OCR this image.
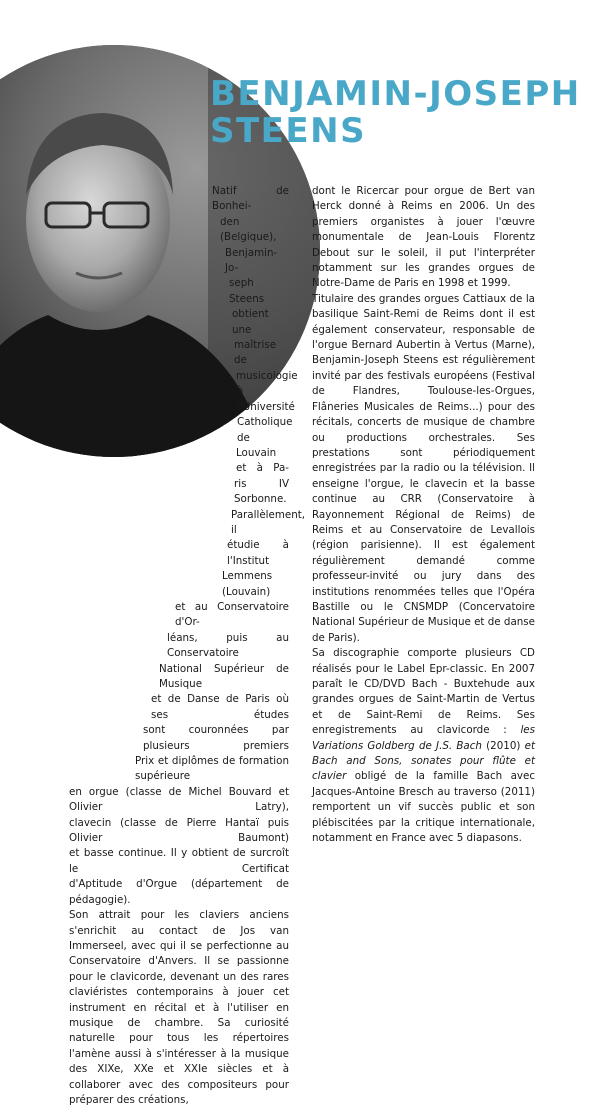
BENJAMIN-JOSEPH
STEENS
Natif de Bonhei-
den (Belgique),
Benjamin-Jo-
seph Steens
obtient une
maîtrise de
musicologie
à l'Université
Catholique de
Louvain et à Pa-
ris IV Sorbonne.
Parallèlement, il
étudie à l'Institut
Lemmens (Louvain)
et au Conservatoire d'Or-
léans, puis au Conservatoire
National Supérieur de Musique
et de Danse de Paris où ses études
sont couronnées par plusieurs premiers
Prix et diplômes de formation supérieure
en orgue (classe de Michel Bouvard et Olivier Latry),
clavecin (classe de Pierre Hantaï puis Olivier Baumont)
et basse continue. Il y obtient de surcroît le Certificat
d'Aptitude d'Orgue (département de pédagogie).

Son attrait pour les claviers anciens s'enrichit au contact de Jos van Immerseel, avec qui il se perfectionne au Conservatoire d'Anvers. Il se passionne pour le clavicorde, devenant un des rares claviéristes contemporains à jouer cet instrument en récital et à l'utiliser en musique de chambre. Sa curiosité naturelle pour tous les répertoires l'amène aussi à s'intéresser à la musique des XIXe, XXe et XXIe siècles et à collaborer avec des compositeurs pour préparer des créations,

dont le Ricercar pour orgue de Bert van Herck donné à Reims en 2006. Un des premiers organistes à jouer l'œuvre monumentale de Jean-Louis Florentz Debout sur le soleil, il put l'interpréter notamment sur les grandes orgues de Notre-Dame de Paris en 1998 et 1999.

Titulaire des grandes orgues Cattiaux de la basilique Saint-Remi de Reims dont il est également conservateur, responsable de l'orgue Bernard Aubertin à Vertus (Marne), Benjamin-Joseph Steens est régulièrement invité par des festivals européens (Festival de Flandres, Toulouse-les-Orgues, Flâneries Musicales de Reims...) pour des récitals, concerts de musique de chambre ou productions orchestrales. Ses prestations sont périodiquement enregistrées par la radio ou la télévision. Il enseigne l'orgue, le clavecin et la basse continue au CRR (Conservatoire à Rayonnement Régional de Reims) de Reims et au Conservatoire de Levallois (région parisienne). Il est également régulièrement demandé comme professeur-invité ou jury dans des institutions renommées telles que l'Opéra Bastille ou le CNSMDP (Concervatoire National Supérieur de Musique et de danse de Paris).

Sa discographie comporte plusieurs CD réalisés pour le Label Epr-classic. En 2007 paraît le CD/DVD Bach - Buxtehude aux grandes orgues de Saint-Martin de Vertus et de Saint-Remi de Reims. Ses enregistrements au clavicorde : les Variations Goldberg de J.S. Bach (2010) et Bach and Sons, sonates pour flûte et clavier obligé de la famille Bach avec Jacques-Antoine Bresch au traverso (2011) remportent un vif succès public et son plébiscitées par la critique internationale, notamment en France avec 5 diapasons.
